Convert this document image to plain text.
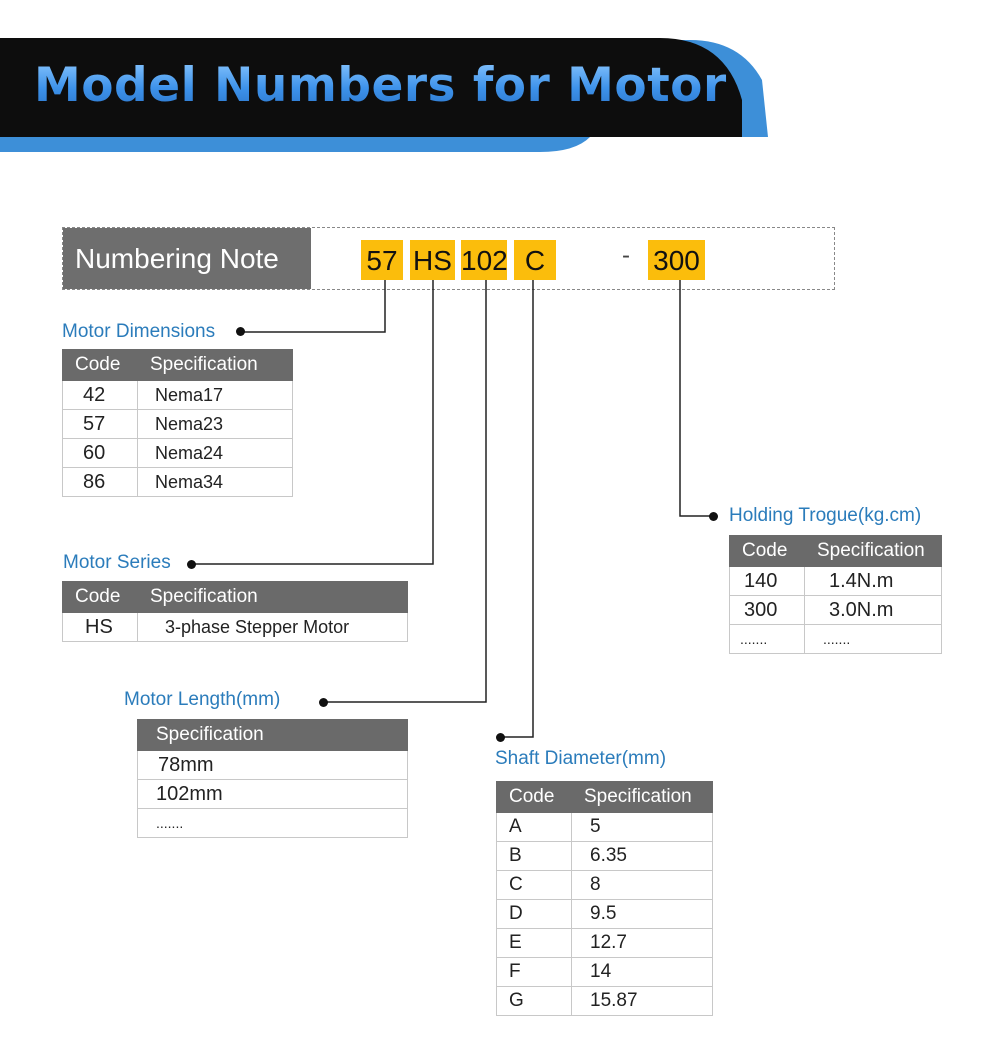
Model Numbers for Motor
Numbering Note	57 HS 102 C	- 300
Motor Dimensions
Code	Specification
42	Nema17
57	Nema23
60	Nema24
86	Nema34
Motor Series
Code	Specification
HS	3-phase Stepper Motor
Motor Length(mm)
Specification
78mm
102mm
.......
Holding Trogue(kg.cm)
Code	Specification
140	1.4N.m
300	3.0N.m
.......	.......
Shaft Diameter(mm)
Code	Specification
A	5
B	6.35
C	8
D	9.5
E	12.7
F	14
G	15.87
